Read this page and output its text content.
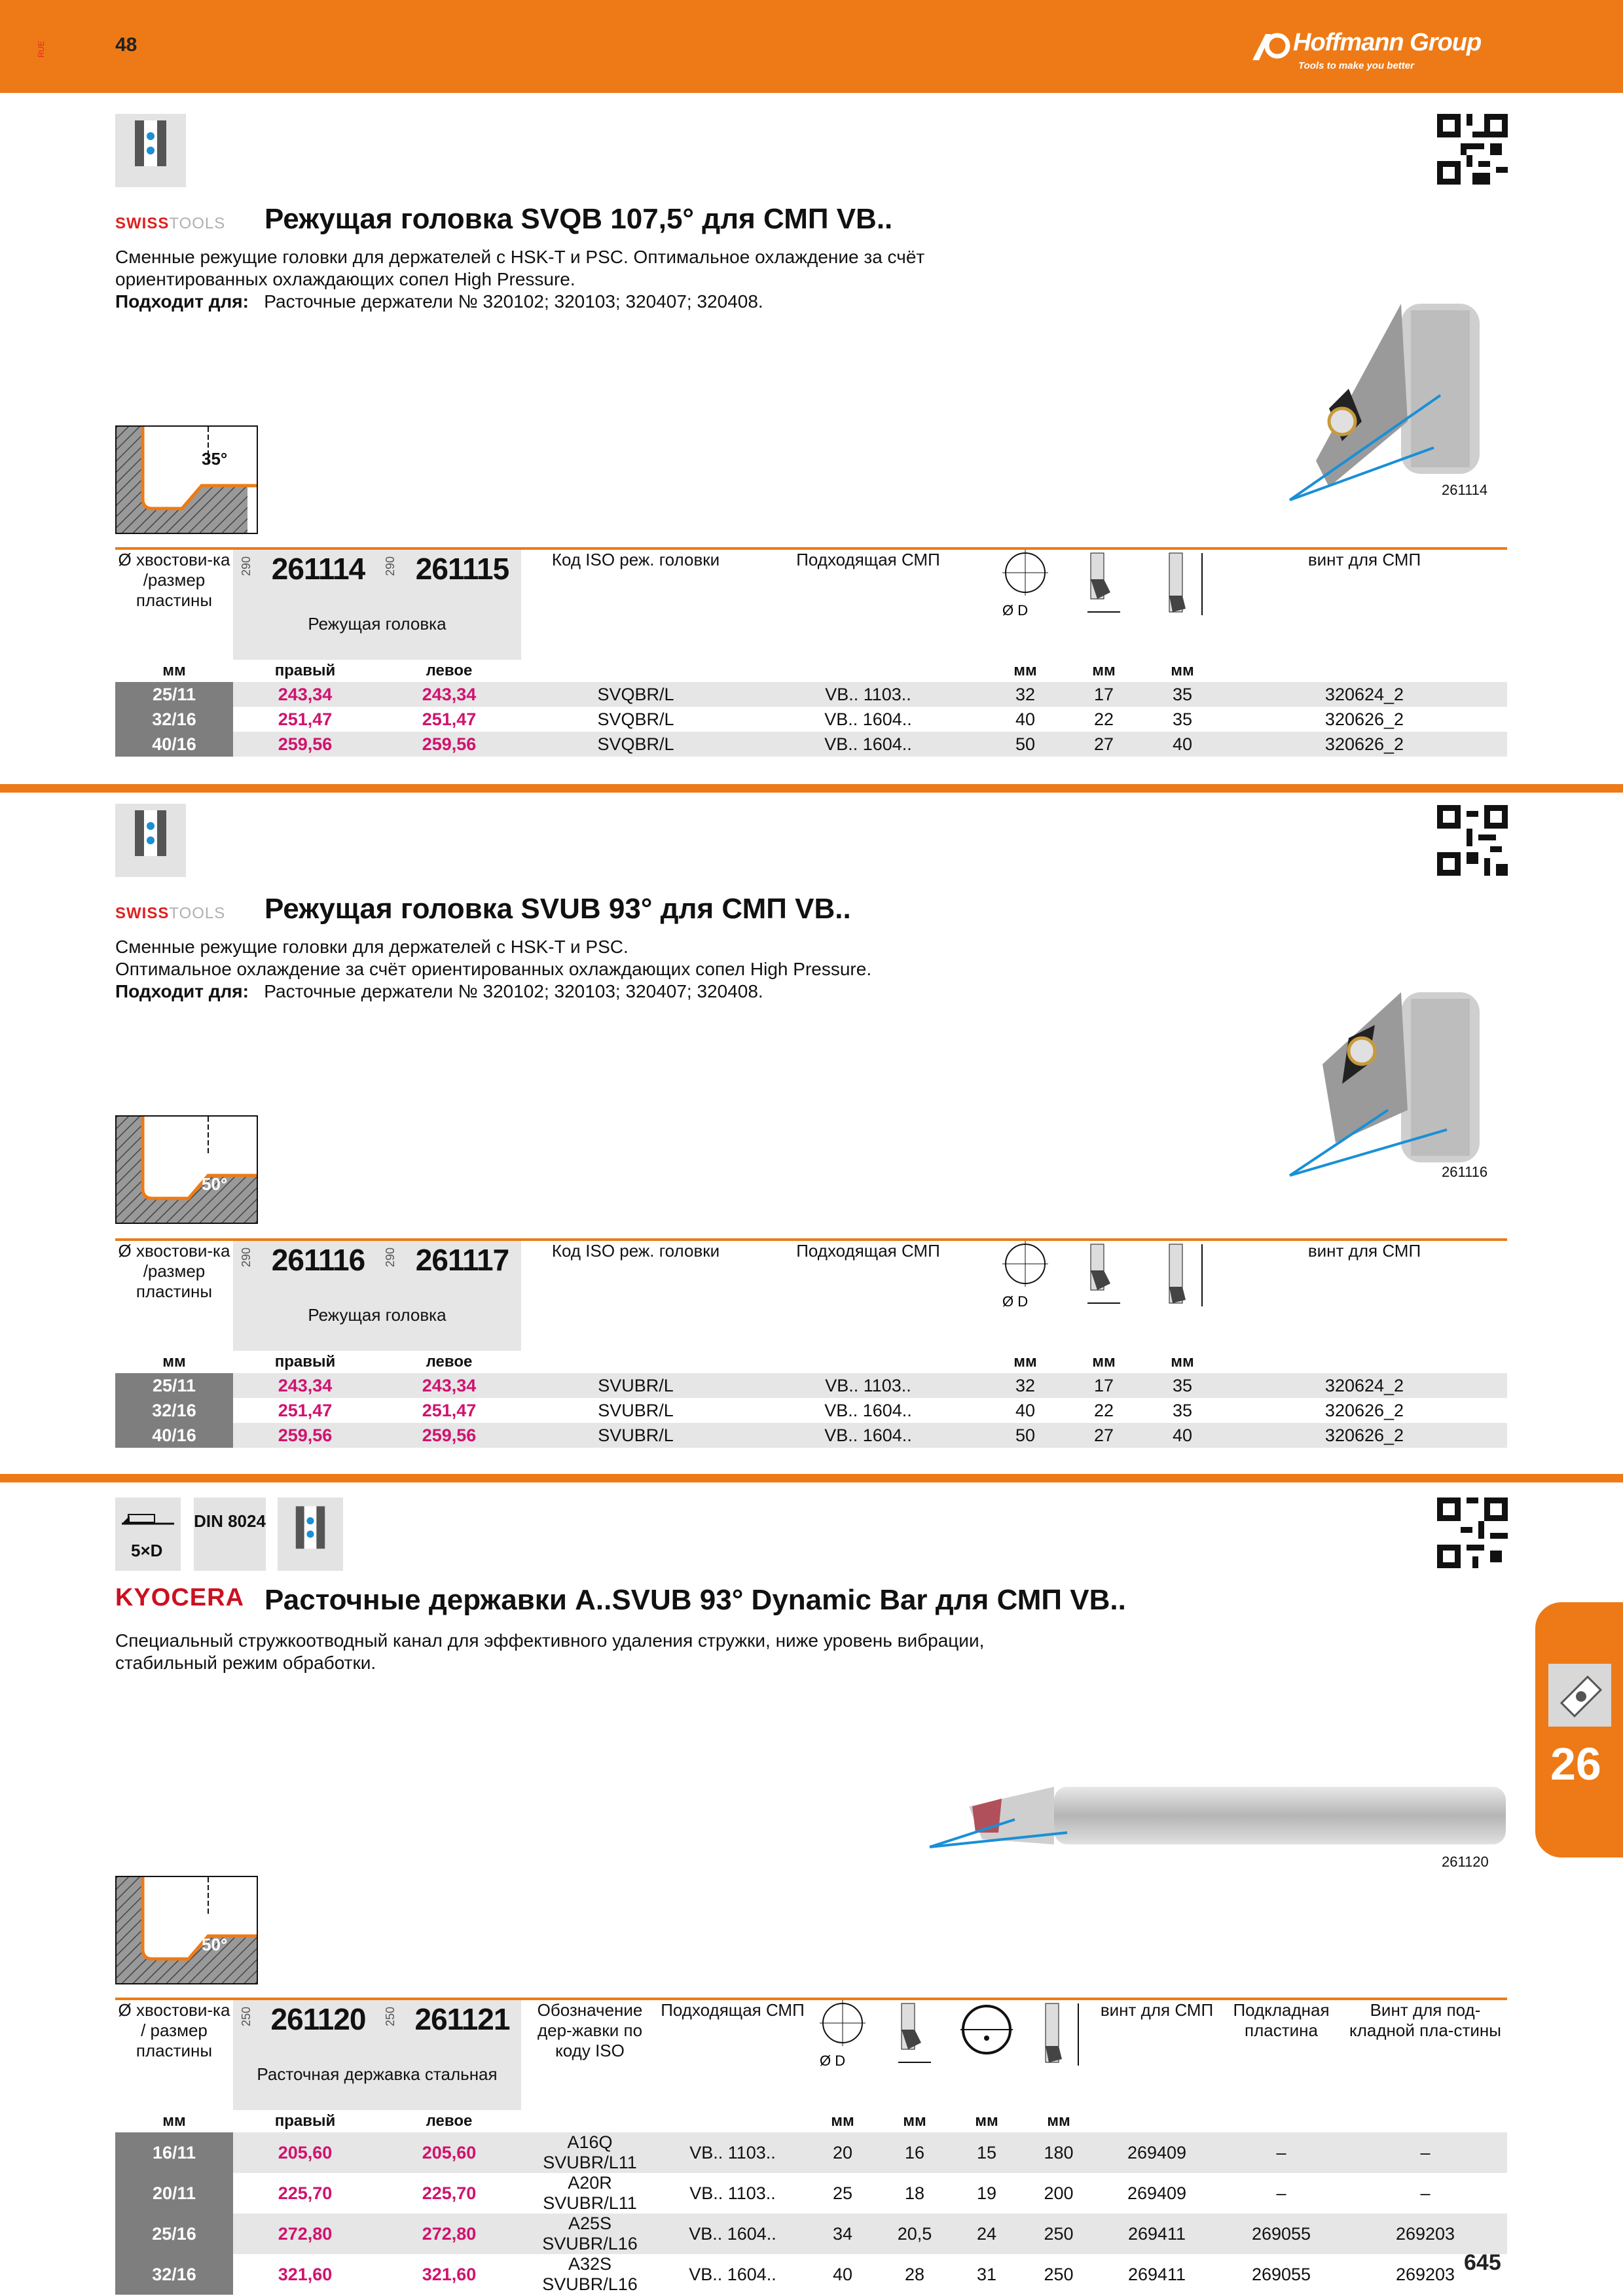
RUE	48	Hoffmann Group
Tools to make you better
SWISSTOOLS Режущая головка SVQB 107,5° для СМП VB..
Сменные режущие головки для держателей с HSK-T и PSC. Оптимальное охлаждение за счёт
ориентированных охлаждающих сопел High Pressure.
Подходит для: Расточные держатели № 320102; 320103; 320407; 320408.
35°
261114
Ø хвостови-ка /размер пластины	290	261114	290	261115	Код ISO реж. головки	Подходящая СМП	Ø D			винт для СМП
	Режущая головка									
мм	правый		левое				мм	мм	мм	
25/11	243,34		243,34		SVQBR/L	VB.. 1103..	32	17	35	320624_2
32/16	251,47		251,47		SVQBR/L	VB.. 1604..	40	22	35	320626_2
40/16	259,56		259,56		SVQBR/L	VB.. 1604..	50	27	40	320626_2
SWISSTOOLS Режущая головка SVUB 93° для СМП VB..
Сменные режущие головки для держателей с HSK-T и PSC.
Оптимальное охлаждение за счёт ориентированных охлаждающих сопел High Pressure.
Подходит для: Расточные держатели № 320102; 320103; 320407; 320408.
50°
261116
Ø хвостови-ка /размер пластины	290	261116	290	261117	Код ISO реж. головки	Подходящая СМП	Ø D			винт для СМП
	Режущая головка									
мм	правый		левое				мм	мм	мм	
25/11	243,34		243,34		SVUBR/L	VB.. 1103..	32	17	35	320624_2
32/16	251,47		251,47		SVUBR/L	VB.. 1604..	40	22	35	320626_2
40/16	259,56		259,56		SVUBR/L	VB.. 1604..	50	27	40	320626_2
5×D
DIN 8024
KYOCERA Расточные державки A..SVUB 93° Dynamic Bar для СМП VB..
Специальный стружкоотводный канал для эффективного удаления стружки, ниже уровень вибрации,
стабильный режим обработки.
26
261120
50°
Ø хвостови-ка / размер пластины	250	261120	250	261121	Обозначение дер-жавки по коду ISO	Подходящая СМП	Ø D				винт для СМП	Подкладная пластина	Винт для под-кладной пла-стины
	Расточная державка стальная												
мм	правый		левое				мм	мм	мм	мм			
16/11	205,60		205,60		A16Q SVUBR/L11	VB.. 1103..	20	16	15	180	269409	–	–
20/11	225,70		225,70		A20R SVUBR/L11	VB.. 1103..	25	18	19	200	269409	–	–
25/16	272,80		272,80		A25S SVUBR/L16	VB.. 1604..	34	20,5	24	250	269411	269055	269203
32/16	321,60		321,60		A32S SVUBR/L16	VB.. 1604..	40	28	31	250	269411	269055	269203 645
